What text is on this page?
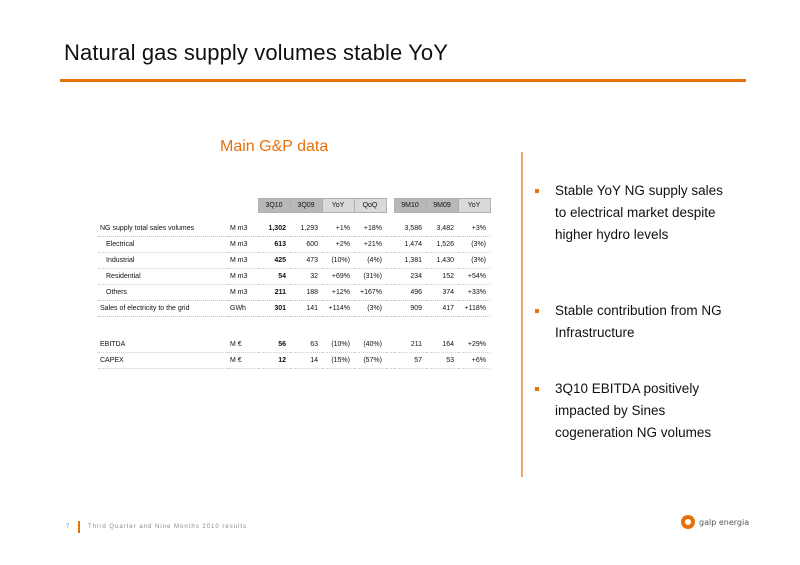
Natural gas supply volumes stable YoY
Main G&P data
		3Q10	3Q09	YoY	QoQ		9M10	9M09	YoY

NG supply total sales volumes	M m3	1,302	1,293	+1%	+18%		3,586	3,482	+3%
Electrical	M m3	613	600	+2%	+21%		1,474	1,526	(3%)
Industrial	M m3	425	473	(10%)	(4%)		1,381	1,430	(3%)
Residential	M m3	54	32	+69%	(31%)		234	152	+54%
Others	M m3	211	188	+12%	+167%		496	374	+33%
Sales of electricity to the grid	GWh	301	141	+114%	(3%)		909	417	+118%

EBITDA	M €	56	63	(10%)	(40%)		211	164	+29%
CAPEX	M €	12	14	(15%)	(57%)		57	53	+6%
Stable YoY NG supply sales to electrical market despite higher hydro levels
Stable contribution from NG Infrastructure
3Q10 EBITDA positively impacted by Sines cogeneration NG volumes
7	Third Quarter and Nine Months 2010 results
galp energia
